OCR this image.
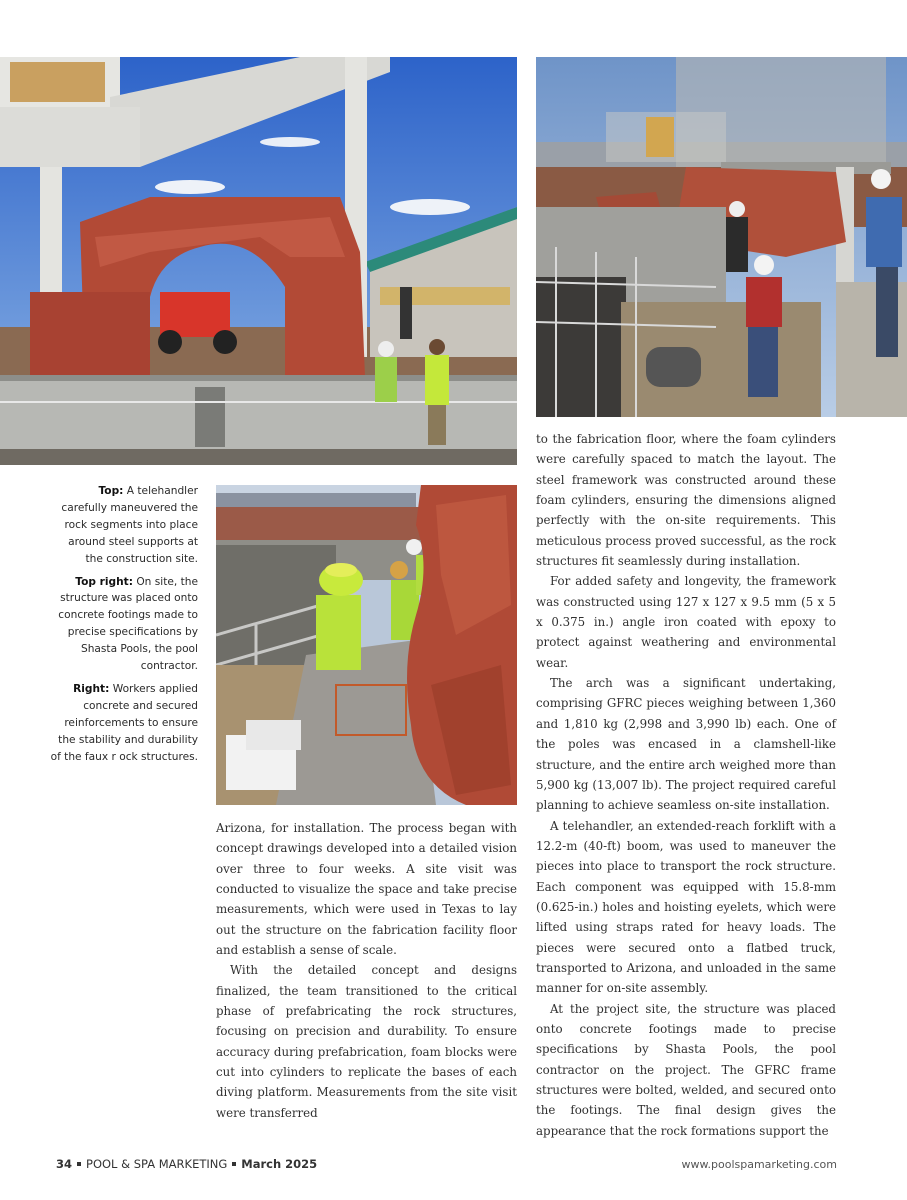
Top: A telehandler carefully maneuvered the rock segments into place around steel supports at the construction site.

Top right: On site, the structure was placed onto concrete footings made to precise specifications by Shasta Pools, the pool contractor.

Right: Workers applied concrete and secured reinforcements to ensure the stability and durability of the faux r ock structures.

Arizona, for installation. The process began with concept drawings developed into a detailed vision over three to four weeks. A site visit was conducted to visualize the space and take precise measurements, which were used in Texas to lay out the structure on the fabrication facility floor and establish a sense of scale.

With the detailed concept and designs finalized, the team transitioned to the critical phase of prefabricating the rock structures, focusing on precision and durability. To ensure accuracy during prefabrication, foam blocks were cut into cylinders to replicate the bases of each diving platform. Measurements from the site visit were transferred

to the fabrication floor, where the foam cylinders were carefully spaced to match the layout. The steel framework was constructed around these foam cylinders, ensuring the dimensions aligned perfectly with the on-site requirements. This meticulous process proved successful, as the rock structures fit seamlessly during installation.

For added safety and longevity, the framework was constructed using 127 x 127 x 9.5 mm (5 x 5 x 0.375 in.) angle iron coated with epoxy to protect against weathering and environmental wear.

The arch was a significant undertaking, comprising GFRC pieces weighing between 1,360 and 1,810 kg (2,998 and 3,990 lb) each. One of the poles was encased in a clamshell-like structure, and the entire arch weighed more than 5,900 kg (13,007 lb). The project required careful planning to achieve seamless on-site installation.

A telehandler, an extended-reach forklift with a 12.2-m (40-ft) boom, was used to maneuver the pieces into place to transport the rock structure. Each component was equipped with 15.8-mm (0.625-in.) holes and hoisting eyelets, which were lifted using straps rated for heavy loads. The pieces were secured onto a flatbed truck, transported to Arizona, and unloaded in the same manner for on-site assembly.

At the project site, the structure was placed onto concrete footings made to precise specifications by Shasta Pools, the pool contractor on the project. The GFRC frame structures were bolted, welded, and secured onto the footings. The final design gives the appearance that the rock formations support the

34 POOL & SPA MARKETING March 2025	www.poolspamarketing.com
